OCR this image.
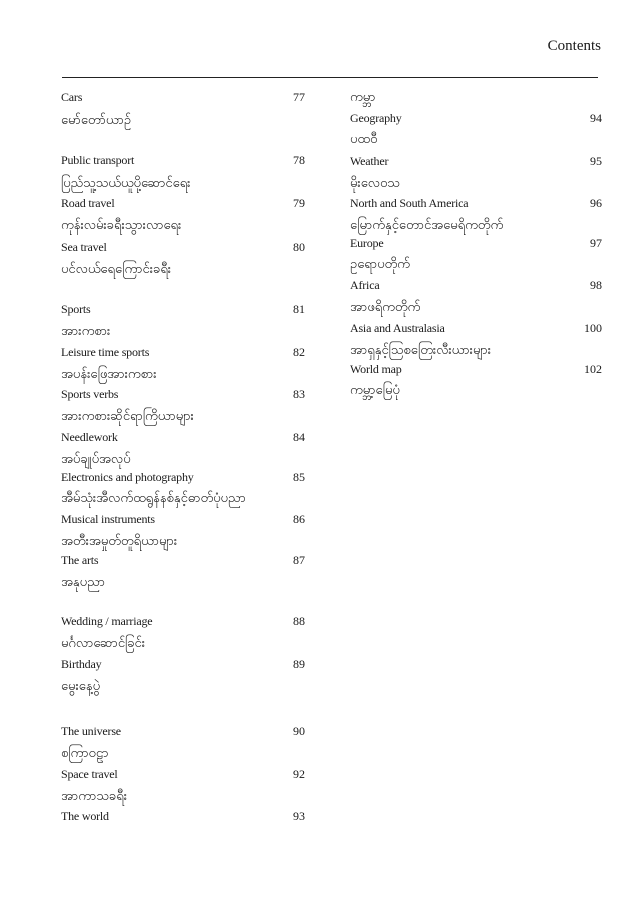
Contents
Cars	77
မော်တော်ယာဉ်
Public transport	78
ပြည်သူ့သယ်ယူပို့ဆောင်ရေး
Road travel	79
ကုန်းလမ်းခရီးသွားလာရေး
Sea travel	80
ပင်လယ်ရေကြောင်းခရီး
Sports	81
အားကစား
Leisure time sports	82
အပန်းဖြေအားကစား
Sports verbs	83
အားကစားဆိုင်ရာကြိယာများ
Needlework	84
အပ်ချုပ်အလုပ်
Electronics and photography	85
အီမ်သုံးအီလက်ထရွန်နစ်နှင့်ဓာတ်ပုံပညာ
Musical instruments	86
အတီးအမှုတ်တူရိယာများ
The arts	87
အနုပညာ
Wedding / marriage	88
မင်္ဂလာဆောင်ခြင်း
Birthday	89
မွေးနေ့ပွဲ
The universe	90
စကြာဝဠာ
Space travel	92
အာကာသခရီး
The world	93
ကမ္ဘာ
Geography	94
ပထဝီ
Weather	95
မိုးလေဝသ
North and South America	96
မြောက်နှင့်တောင်အမေရိကတိုက်
Europe	97
ဥရောပတိုက်
Africa	98
အာဖရိကတိုက်
Asia and Australasia	100
အာရှနှင့်ဩစတြေးလီးယားများ
World map	102
ကမ္ဘာ့မြေပုံ
